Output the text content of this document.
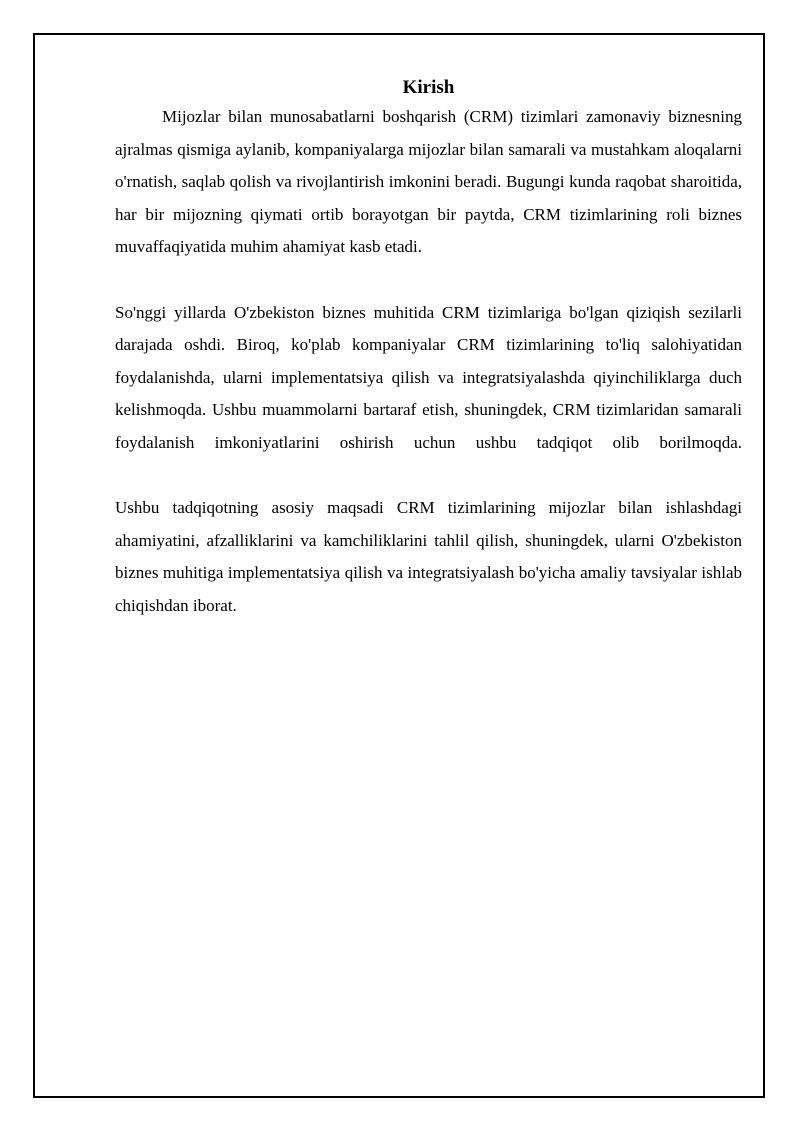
Kirish

Mijozlar bilan munosabatlarni boshqarish (CRM) tizimlari zamonaviy biznesning ajralmas qismiga aylanib, kompaniyalarga mijozlar bilan samarali va mustahkam aloqalarni o'rnatish, saqlab qolish va rivojlantirish imkonini beradi. Bugungi kunda raqobat sharoitida, har bir mijozning qiymati ortib borayotgan bir paytda, CRM tizimlarining roli biznes muvaffaqiyatida muhim ahamiyat kasb etadi.

So'nggi yillarda O'zbekiston biznes muhitida CRM tizimlariga bo'lgan qiziqish sezilarli darajada oshdi. Biroq, ko'plab kompaniyalar CRM tizimlarining to'liq salohiyatidan foydalanishda, ularni implementatsiya qilish va integratsiyalashda qiyinchiliklarga duch kelishmoqda. Ushbu muammolarni bartaraf etish, shuningdek, CRM tizimlaridan samarali foydalanish imkoniyatlarini oshirish uchun ushbu tadqiqot olib borilmoqda.

Ushbu tadqiqotning asosiy maqsadi CRM tizimlarining mijozlar bilan ishlashdagi ahamiyatini, afzalliklarini va kamchiliklarini tahlil qilish, shuningdek, ularni O'zbekiston biznes muhitiga implementatsiya qilish va integratsiyalash bo'yicha amaliy tavsiyalar ishlab chiqishdan iborat.
